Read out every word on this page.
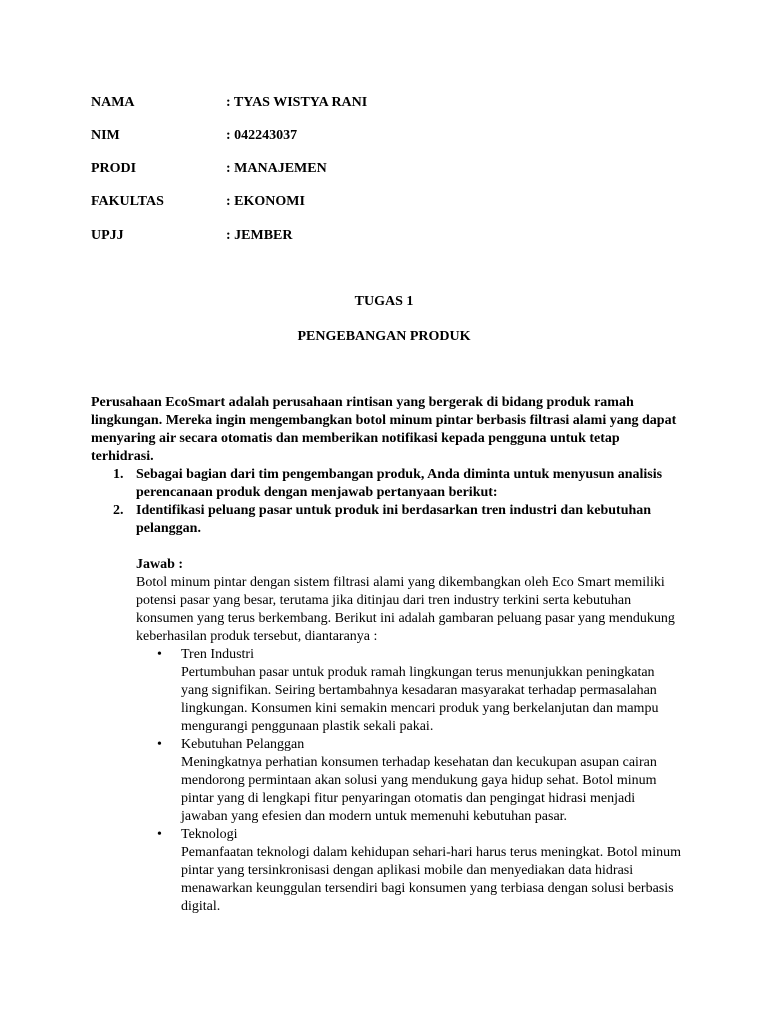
NAMA	: TYAS WISTYA RANI
NIM	: 042243037
PRODI	: MANAJEMEN
FAKULTAS	: EKONOMI
UPJJ	: JEMBER
TUGAS 1
PENGEBANGAN PRODUK
Perusahaan EcoSmart adalah perusahaan rintisan yang bergerak di bidang produk ramah lingkungan. Mereka ingin mengembangkan botol minum pintar berbasis filtrasi alami yang dapat menyaring air secara otomatis dan memberikan notifikasi kepada pengguna untuk tetap terhidrasi.
1. Sebagai bagian dari tim pengembangan produk, Anda diminta untuk menyusun analisis perencanaan produk dengan menjawab pertanyaan berikut:
2. Identifikasi peluang pasar untuk produk ini berdasarkan tren industri dan kebutuhan pelanggan.
Jawab :
Botol minum pintar dengan sistem filtrasi alami yang dikembangkan oleh Eco Smart memiliki potensi pasar yang besar, terutama jika ditinjau dari tren industry terkini serta kebutuhan konsumen yang terus berkembang. Berikut ini adalah gambaran peluang pasar yang mendukung keberhasilan produk tersebut, diantaranya :
• Tren Industri
Pertumbuhan pasar untuk produk ramah lingkungan terus menunjukkan peningkatan yang signifikan. Seiring bertambahnya kesadaran masyarakat terhadap permasalahan lingkungan. Konsumen kini semakin mencari produk yang berkelanjutan dan mampu mengurangi penggunaan plastik sekali pakai.
• Kebutuhan Pelanggan
Meningkatnya perhatian konsumen terhadap kesehatan dan kecukupan asupan cairan mendorong permintaan akan solusi yang mendukung gaya hidup sehat. Botol minum pintar yang di lengkapi fitur penyaringan otomatis dan pengingat hidrasi menjadi jawaban yang efesien dan modern untuk memenuhi kebutuhan pasar.
• Teknologi
Pemanfaatan teknologi dalam kehidupan sehari-hari harus terus meningkat. Botol minum pintar yang tersinkronisasi dengan aplikasi mobile dan menyediakan data hidrasi menawarkan keunggulan tersendiri bagi konsumen yang terbiasa dengan solusi berbasis digital.
